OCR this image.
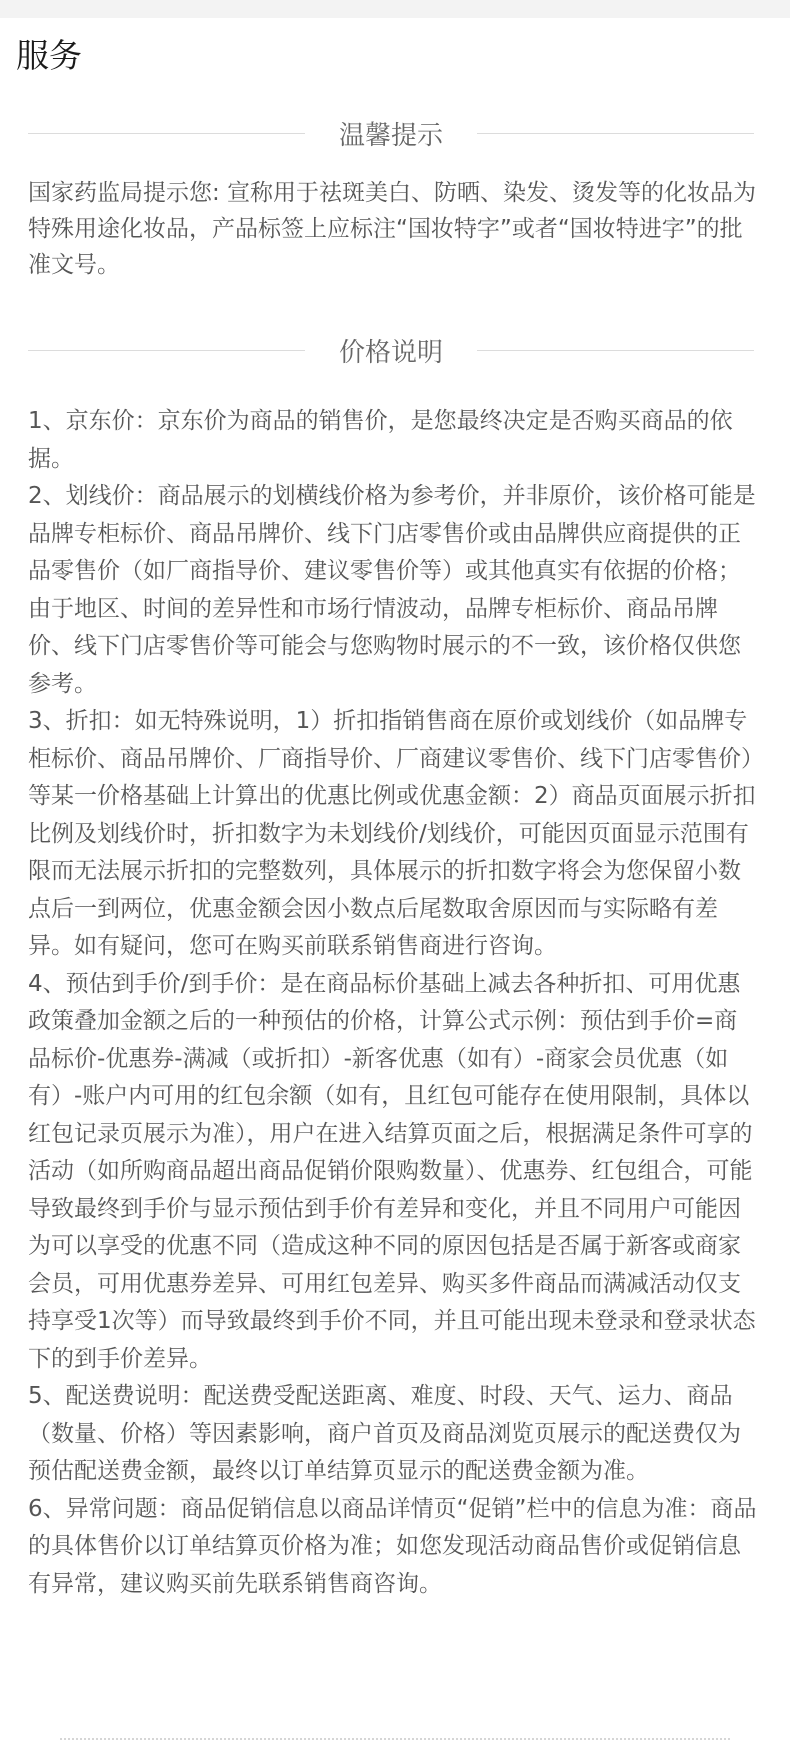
服务
温馨提示
国家药监局提示您: 宣称用于祛斑美白、防晒、染发、烫发等的化妆品为特殊用途化妆品，产品标签上应标注“国妆特字”或者“国妆特进字”的批准文号。
价格说明

1、京东价：京东价为商品的销售价，是您最终决定是否购买商品的依据。

2、划线价：商品展示的划横线价格为参考价，并非原价，该价格可能是品牌专柜标价、商品吊牌价、线下门店零售价或由品牌供应商提供的正品零售价（如厂商指导价、建议零售价等）或其他真实有依据的价格；由于地区、时间的差异性和市场行情波动，品牌专柜标价、商品吊牌价、线下门店零售价等可能会与您购物时展示的不一致，该价格仅供您参考。

3、折扣：如无特殊说明，1）折扣指销售商在原价或划线价（如品牌专柜标价、商品吊牌价、厂商指导价、厂商建议零售价、线下门店零售价）等某一价格基础上计算出的优惠比例或优惠金额：2）商品页面展示折扣比例及划线价时，折扣数字为未划线价/划线价，可能因页面显示范围有限而无法展示折扣的完整数列，具体展示的折扣数字将会为您保留小数点后一到两位，优惠金额会因小数点后尾数取舍原因而与实际略有差异。如有疑问，您可在购买前联系销售商进行咨询。

4、预估到手价/到手价：是在商品标价基础上减去各种折扣、可用优惠政策叠加金额之后的一种预估的价格，计算公式示例：预估到手价=商品标价-优惠券-满减（或折扣）-新客优惠（如有）-商家会员优惠（如有）-账户内可用的红包余额（如有，且红包可能存在使用限制，具体以红包记录页展示为准），用户在进入结算页面之后，根据满足条件可享的活动（如所购商品超出商品促销价限购数量）、优惠券、红包组合，可能导致最终到手价与显示预估到手价有差异和变化，并且不同用户可能因为可以享受的优惠不同（造成这种不同的原因包括是否属于新客或商家会员，可用优惠券差异、可用红包差异、购买多件商品而满减活动仅支持享受1次等）而导致最终到手价不同，并且可能出现未登录和登录状态下的到手价差异。

5、配送费说明：配送费受配送距离、难度、时段、天气、运力、商品（数量、价格）等因素影响，商户首页及商品浏览页展示的配送费仅为预估配送费金额，最终以订单结算页显示的配送费金额为准。

6、异常问题：商品促销信息以商品详情页“促销”栏中的信息为准：商品的具体售价以订单结算页价格为准；如您发现活动商品售价或促销信息有异常，建议购买前先联系销售商咨询。
